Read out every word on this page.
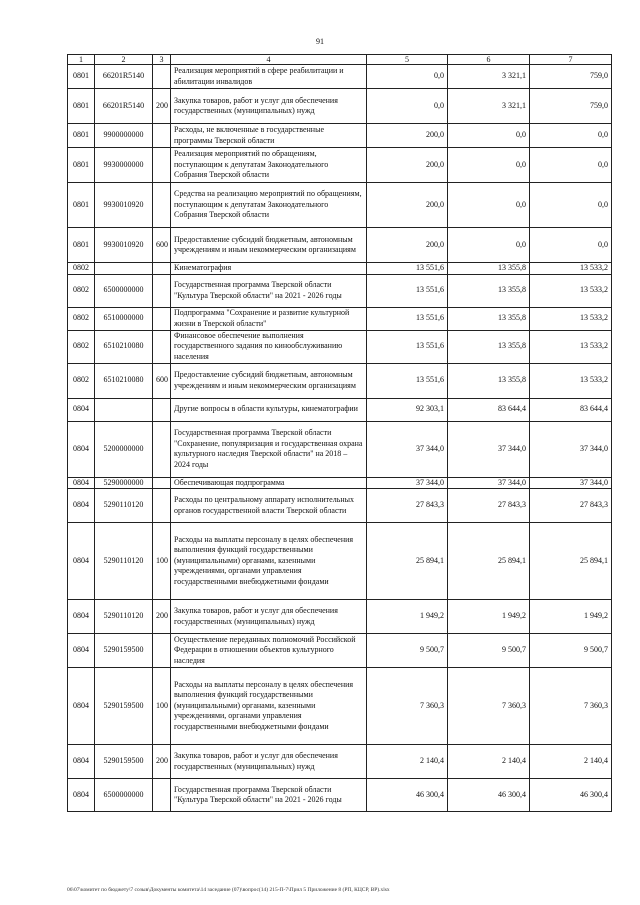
91
1	2	3	4	5	6	7
0801	66201R5140		Реализация мероприятий в сфере реабилитации и абилитации инвалидов	0,0	3 321,1	759,0
0801	66201R5140	200	Закупка товаров, работ и услуг для обеспечения государственных (муниципальных) нужд	0,0	3 321,1	759,0
0801	9900000000		Расходы, не включенные в государственные программы Тверской области	200,0	0,0	0,0
0801	9930000000		Реализация мероприятий по обращениям, поступающим к депутатам Законодательного Собрания Тверской области	200,0	0,0	0,0
0801	9930010920		Средства на реализацию мероприятий по обращениям, поступающим к депутатам Законодательного Собрания Тверской области	200,0	0,0	0,0
0801	9930010920	600	Предоставление субсидий бюджетным, автономным учреждениям и иным некоммерческим организациям	200,0	0,0	0,0
0802			Кинематография	13 551,6	13 355,8	13 533,2
0802	6500000000		Государственная программа Тверской области "Культура Тверской области" на 2021 - 2026 годы	13 551,6	13 355,8	13 533,2
0802	6510000000		Подпрограмма "Сохранение и развитие культурной жизни в Тверской области"	13 551,6	13 355,8	13 533,2
0802	6510210080		Финансовое обеспечение выполнения государственного задания по кинообслуживанию населения	13 551,6	13 355,8	13 533,2
0802	6510210080	600	Предоставление субсидий бюджетным, автономным учреждениям и иным некоммерческим организациям	13 551,6	13 355,8	13 533,2
0804			Другие вопросы в области культуры, кинематографии	92 303,1	83 644,4	83 644,4
0804	5200000000		Государственная программа Тверской области "Сохранение, популяризация и государственная охрана культурного наследия Тверской области" на 2018 – 2024 годы	37 344,0	37 344,0	37 344,0
0804	5290000000		Обеспечивающая подпрограмма	37 344,0	37 344,0	37 344,0
0804	5290110120		Расходы по центральному аппарату исполнительных органов государственной власти Тверской области	27 843,3	27 843,3	27 843,3
0804	5290110120	100	Расходы на выплаты персоналу в целях обеспечения выполнения функций государственными (муниципальными) органами, казенными учреждениями, органами управления государственными внебюджетными фондами	25 894,1	25 894,1	25 894,1
0804	5290110120	200	Закупка товаров, работ и услуг для обеспечения государственных (муниципальных) нужд	1 949,2	1 949,2	1 949,2
0804	5290159500		Осуществление переданных полномочий Российской Федерации в отношении объектов культурного наследия	9 500,7	9 500,7	9 500,7
0804	5290159500	100	Расходы на выплаты персоналу в целях обеспечения выполнения функций государственными (муниципальными) органами, казенными учреждениями, органами управления государственными внебюджетными фондами	7 360,3	7 360,3	7 360,3
0804	5290159500	200	Закупка товаров, работ и услуг для обеспечения государственных (муниципальных) нужд	2 140,4	2 140,4	2 140,4
0804	6500000000		Государственная программа Тверской области "Культура Тверской области" на 2021 - 2026 годы	46 300,4	46 300,4	46 300,4
06\07\комитет по бюджету\7 созыв\Документы комитета\14 заседание (07)\вопрос(14) 215-П-7\Прил 5 Приложение 8 (РП, КЦСР, ВР).xlsx
